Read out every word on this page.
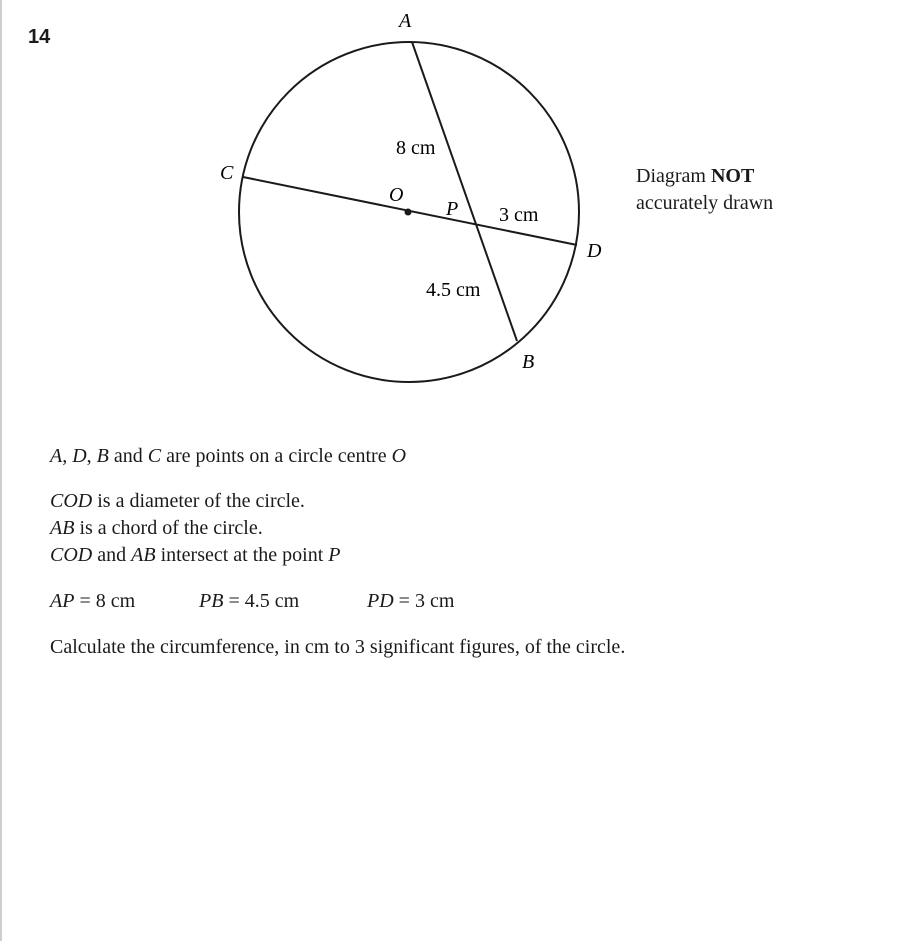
14
A
C
O
P
D
B
8 cm
3 cm
4.5 cm
Diagram NOT
accurately drawn
A, D, B and C are points on a circle centre O
COD is a diameter of the circle.
AB is a chord of the circle.
COD and AB intersect at the point P
AP = 8 cm	PB = 4.5 cm	PD = 3 cm
Calculate the circumference, in cm to 3 significant figures, of the circle.
